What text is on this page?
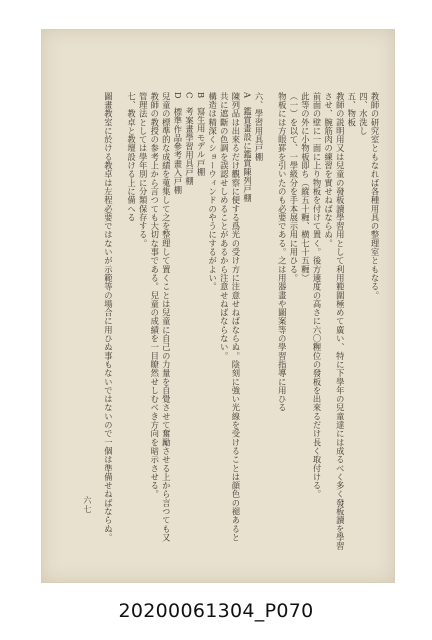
教師の研究室ともなれば各種用具の整理室ともなる。
四、水洗し
五、物板
教師の説明用又は兒童の發板讀學習用として利用範圍極めて廣い、特に下學年の兒童達には成るべく多く發板讀を學習
させ、腕筋肉の練習を實せねばならぬ。
前面の壁に一面に上り物板を付けて置く。後方適度の高さに六〇糎位の發板を出來るだけ長く取付ける。
此等の外に小物板即ち（縱五十糎、横七十五糎）
（一）を以て、一學級分を手本展示用に用ひる。
物板には方眼罫を引いたのも必要である。之は用器畫や圖案等の學習指導に用ひる
六、學習用具戸棚
A　鑑賞畫設に鑑賞陳列戸棚
陳列品は出來るだけ觀察に便する爲光の受け方に注意せねばならぬ。陰刻に強い光線を受けることは顔色の褪あると
共に遮斷の色調を誤認せしめることがあるから注意せねばならない。
構造は精深くショーウィンドのやうにするがよい。
B　寫生用モデル戸棚
C　考案畫學習用具戸棚
D　標準作品參考畫入戸棚
兒童の標準的な成績を蒐集して之を整理して置くことは兒童に自己の力量を自覺させて奮勵させる上から言つても又
教師の教授の参考上から言つても大切な事である。兒童の成績を一目瞭然せしむべき方向を暗示させる。
管理法としては學年別に分類保存する。
七、教卓と教壇設ける上に備へる
圖畫教室に於ける教卓は左程必要ではないが示範等の場合に用ひぬ事もないではないので一個は準備せねばならぬ。
六七
20200061304_P070
